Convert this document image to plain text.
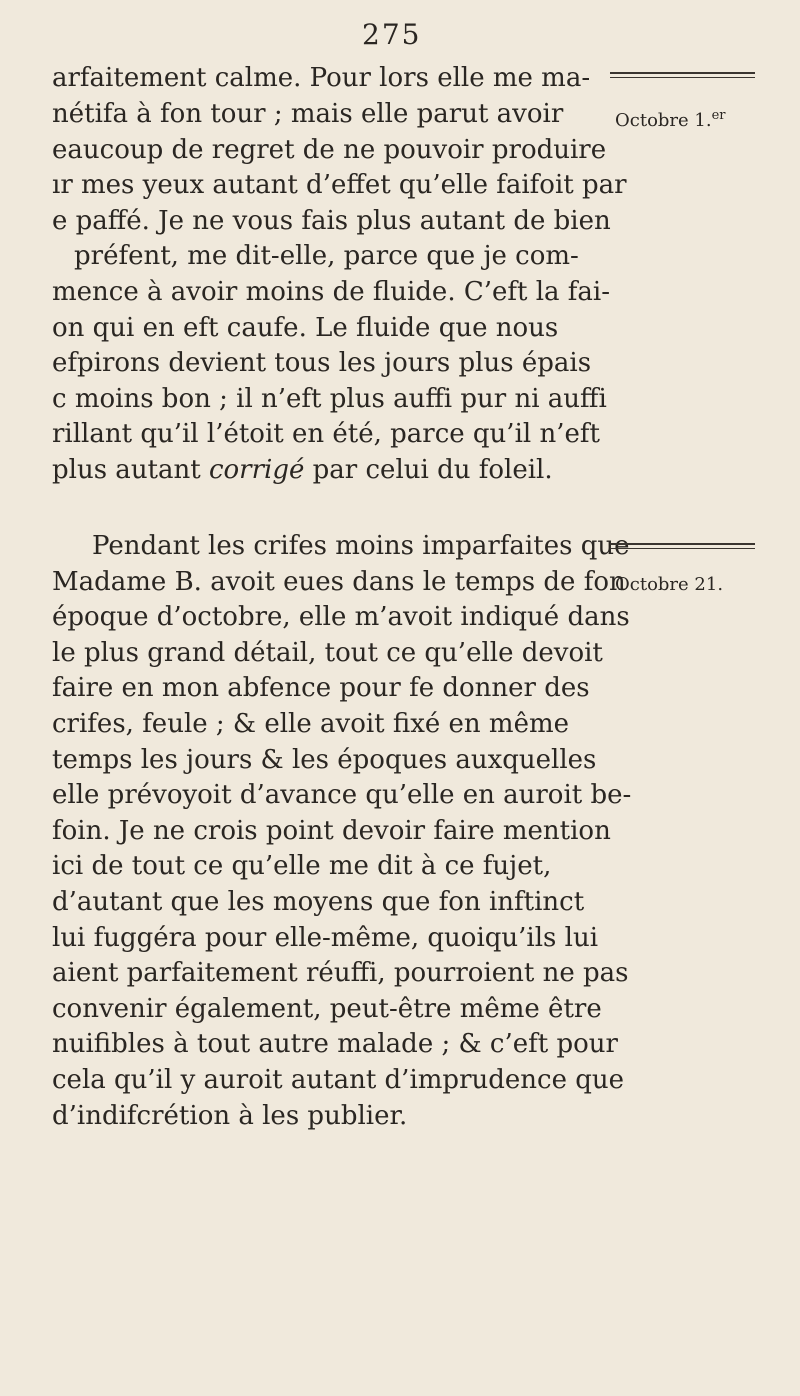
275
arfaitement calme. Pour lors elle me ma-
nétifa à fon tour ; mais elle parut avoir
eaucoup de regret de ne pouvoir produire
ır mes yeux autant d’effet qu’elle faifoit par
e paffé. Je ne vous fais plus autant de bien
préfent, me dit-elle, parce que je com-
mence à avoir moins de fluide. C’eft la fai-
on qui en eft caufe. Le fluide que nous
efpirons devient tous les jours plus épais
c moins bon ; il n’eft plus auffi pur ni auffi
rillant qu’il l’étoit en été, parce qu’il n’eft
plus autant corrigé par celui du foleil.
Octobre 1.$^{er}$
Pendant les crifes moins imparfaites que
Madame B. avoit eues dans le temps de fon
époque d’octobre, elle m’avoit indiqué dans
le plus grand détail, tout ce qu’elle devoit
faire en mon abfence pour fe donner des
crifes, feule ; & elle avoit fixé en même
temps les jours & les époques auxquelles
elle prévoyoit d’avance qu’elle en auroit be-
foin. Je ne crois point devoir faire mention
ici de tout ce qu’elle me dit à ce fujet,
d’autant que les moyens que fon inftinct
lui fuggéra pour elle-même, quoiqu’ils lui
aient parfaitement réuffi, pourroient ne pas
convenir également, peut-être même être
nuifibles à tout autre malade ; & c’eft pour
cela qu’il y auroit autant d’imprudence que
d’indifcrétion à les publier.
Octobre 21.
